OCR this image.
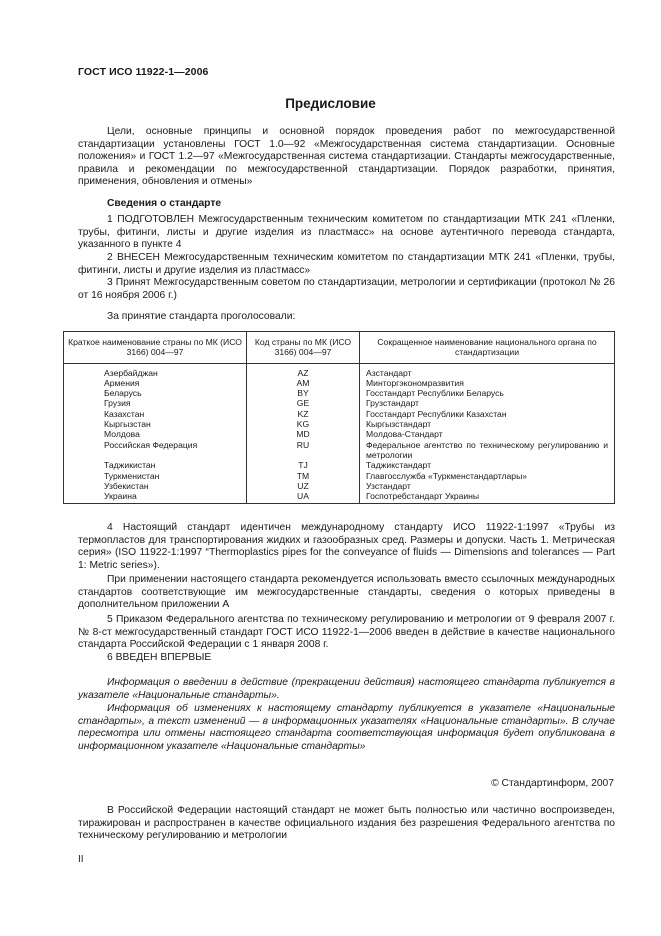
ГОСТ ИСО 11922-1—2006
Предисловие
Цели, основные принципы и основной порядок проведения работ по межгосударственной стандартизации установлены ГОСТ 1.0—92 «Межгосударственная система стандартизации. Основные положения» и ГОСТ 1.2—97 «Межгосударственная система стандартизации. Стандарты межгосударственные, правила и рекомендации по межгосударственной стандартизации. Порядок разработки, принятия, применения, обновления и отмены»
Сведения о стандарте
1 ПОДГОТОВЛЕН Межгосударственным техническим комитетом по стандартизации МТК 241 «Пленки, трубы, фитинги, листы и другие изделия из пластмасс» на основе аутентичного перевода стандарта, указанного в пункте 4
2 ВНЕСЕН Межгосударственным техническим комитетом по стандартизации МТК 241 «Пленки, трубы, фитинги, листы и другие изделия из пластмасс»
3 Принят Межгосударственным советом по стандартизации, метрологии и сертификации (протокол № 26 от 16 ноября 2006 г.)
За принятие стандарта проголосовали:
Краткое наименование страны по МК (ИСО 3166) 004—97	Код страны по МК (ИСО 3166) 004—97	Сокращенное наименование национального органа по стандартизации
Азербайджан	AZ	Азстандарт
Армения	AM	Минторгэкономразвития
Беларусь	BY	Госстандарт Республики Беларусь
Грузия	GE	Грузстандарт
Казахстан	KZ	Госстандарт Республики Казахстан
Кыргызстан	KG	Кыргызстандарт
Молдова	MD	Молдова-Стандарт
Российская Федерация	RU	Федеральное агентство по техническому регулированию и метрологии
Таджикистан	TJ	Таджикстандарт
Туркменистан	TM	Главгосслужба «Туркменстандартлары»
Узбекистан	UZ	Узстандарт
Украина	UA	Госпотребстандарт Украины
4 Настоящий стандарт идентичен международному стандарту ИСО 11922-1:1997 «Трубы из термопластов для транспортирования жидких и газообразных сред. Размеры и допуски. Часть 1. Метрическая серия» (ISO 11922-1:1997 “Thermoplastics pipes for the conveyance of fluids — Dimensions and tolerances — Part 1: Metric series»).
При применении настоящего стандарта рекомендуется использовать вместо ссылочных международных стандартов соответствующие им межгосударственные стандарты, сведения о которых приведены в дополнительном приложении А
5 Приказом Федерального агентства по техническому регулированию и метрологии от 9 февраля 2007 г. № 8-ст межгосударственный стандарт ГОСТ ИСО 11922-1—2006 введен в действие в качестве национального стандарта Российской Федерации с 1 января 2008 г.
6 ВВЕДЕН ВПЕРВЫЕ
Информация о введении в действие (прекращении действия) настоящего стандарта публикуется в указателе «Национальные стандарты».
Информация об изменениях к настоящему стандарту публикуется в указателе «Национальные стандарты», а текст изменений — в информационных указателях «Национальные стандарты». В случае пересмотра или отмены настоящего стандарта соответствующая информация будет опубликована в информационном указателе «Национальные стандарты»
© Стандартинформ, 2007
В Российской Федерации настоящий стандарт не может быть полностью или частично воспроизведен, тиражирован и распространен в качестве официального издания без разрешения Федерального агентства по техническому регулированию и метрологии
II
